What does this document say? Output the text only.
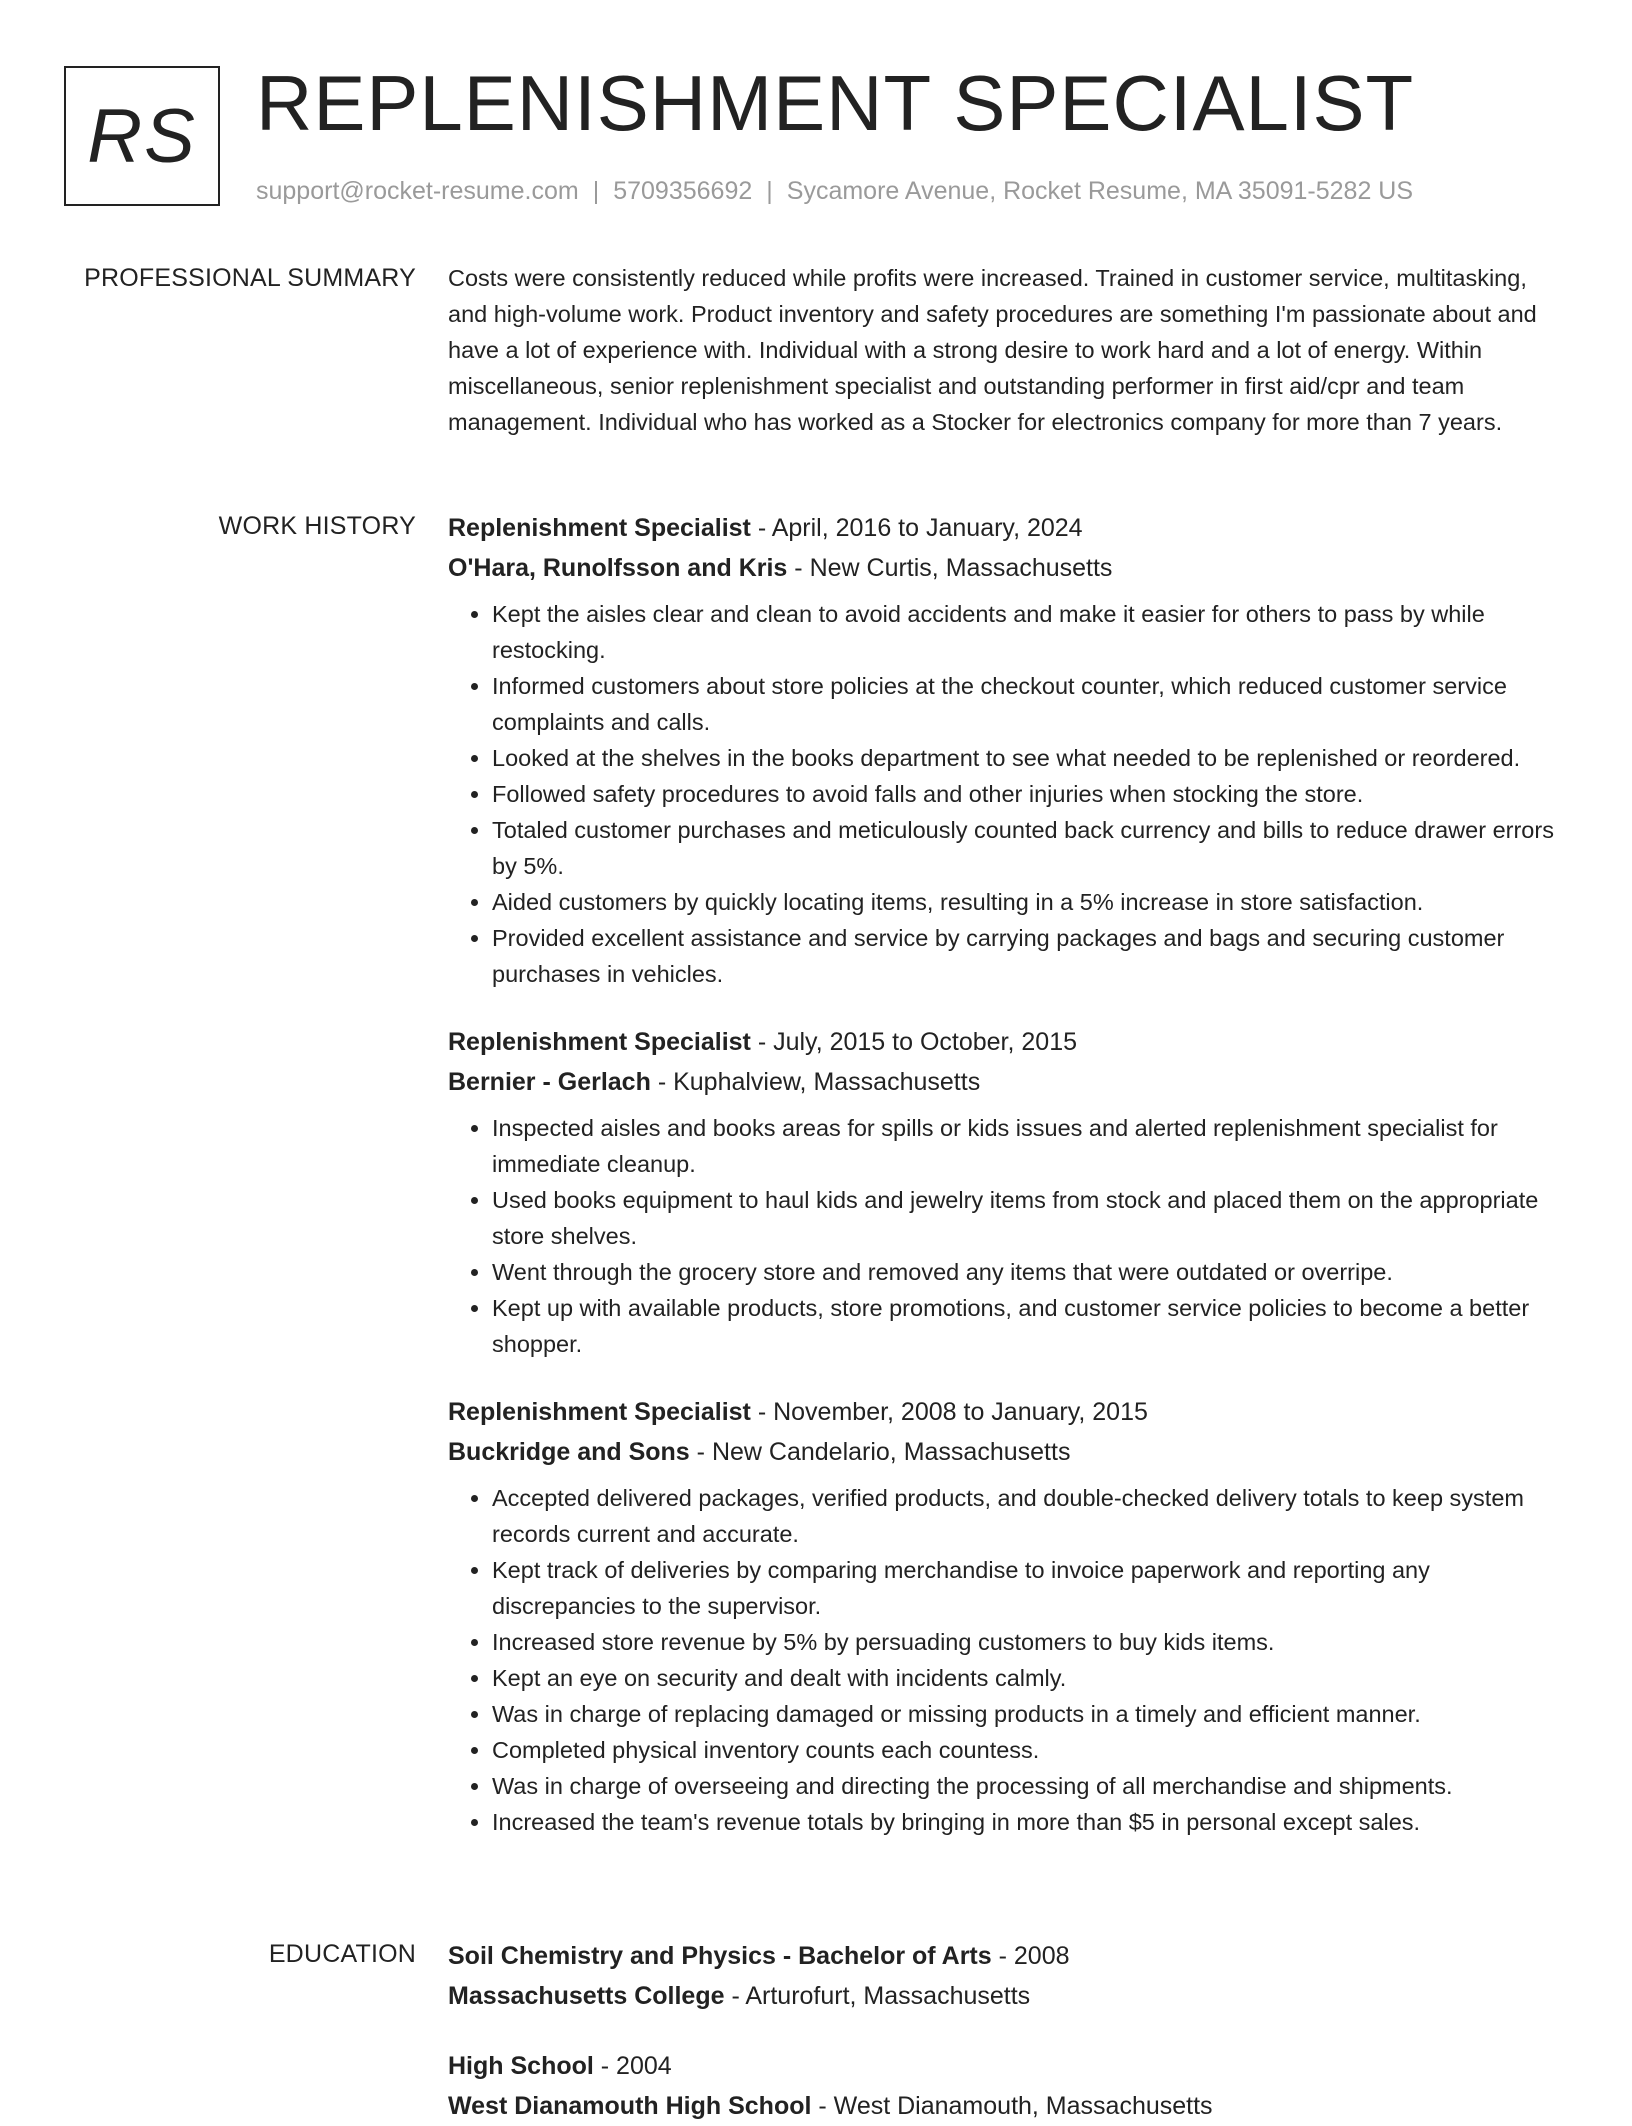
RS REPLENISHMENT SPECIALIST
support@rocket-resume.com | 5709356692 | Sycamore Avenue, Rocket Resume, MA 35091-5282 US
PROFESSIONAL SUMMARY Costs were consistently reduced while profits were increased. Trained in customer service, multitasking, and high-volume work. Product inventory and safety procedures are something I'm passionate about and have a lot of experience with. Individual with a strong desire to work hard and a lot of energy. Within miscellaneous, senior replenishment specialist and outstanding performer in first aid/cpr and team management. Individual who has worked as a Stocker for electronics company for more than 7 years.

WORK HISTORY Replenishment Specialist - April, 2016 to January, 2024
O'Hara, Runolfsson and Kris - New Curtis, Massachusetts
• Kept the aisles clear and clean to avoid accidents and make it easier for others to pass by while restocking.
• Informed customers about store policies at the checkout counter, which reduced customer service complaints and calls.
• Looked at the shelves in the books department to see what needed to be replenished or reordered.
• Followed safety procedures to avoid falls and other injuries when stocking the store.
• Totaled customer purchases and meticulously counted back currency and bills to reduce drawer errors by 5%.
• Aided customers by quickly locating items, resulting in a 5% increase in store satisfaction.
• Provided excellent assistance and service by carrying packages and bags and securing customer purchases in vehicles.
Replenishment Specialist - July, 2015 to October, 2015
Bernier - Gerlach - Kuphalview, Massachusetts
• Inspected aisles and books areas for spills or kids issues and alerted replenishment specialist for immediate cleanup.
• Used books equipment to haul kids and jewelry items from stock and placed them on the appropriate store shelves.
• Went through the grocery store and removed any items that were outdated or overripe.
• Kept up with available products, store promotions, and customer service policies to become a better shopper.
Replenishment Specialist - November, 2008 to January, 2015
Buckridge and Sons - New Candelario, Massachusetts
• Accepted delivered packages, verified products, and double-checked delivery totals to keep system records current and accurate.
• Kept track of deliveries by comparing merchandise to invoice paperwork and reporting any discrepancies to the supervisor.
• Increased store revenue by 5% by persuading customers to buy kids items.
• Kept an eye on security and dealt with incidents calmly.
• Was in charge of replacing damaged or missing products in a timely and efficient manner.
• Completed physical inventory counts each countess.
• Was in charge of overseeing and directing the processing of all merchandise and shipments.
• Increased the team's revenue totals by bringing in more than $5 in personal except sales.
EDUCATION Soil Chemistry and Physics - Bachelor of Arts - 2008
Massachusetts College - Arturofurt, Massachusetts
High School - 2004
West Dianamouth High School - West Dianamouth, Massachusetts
